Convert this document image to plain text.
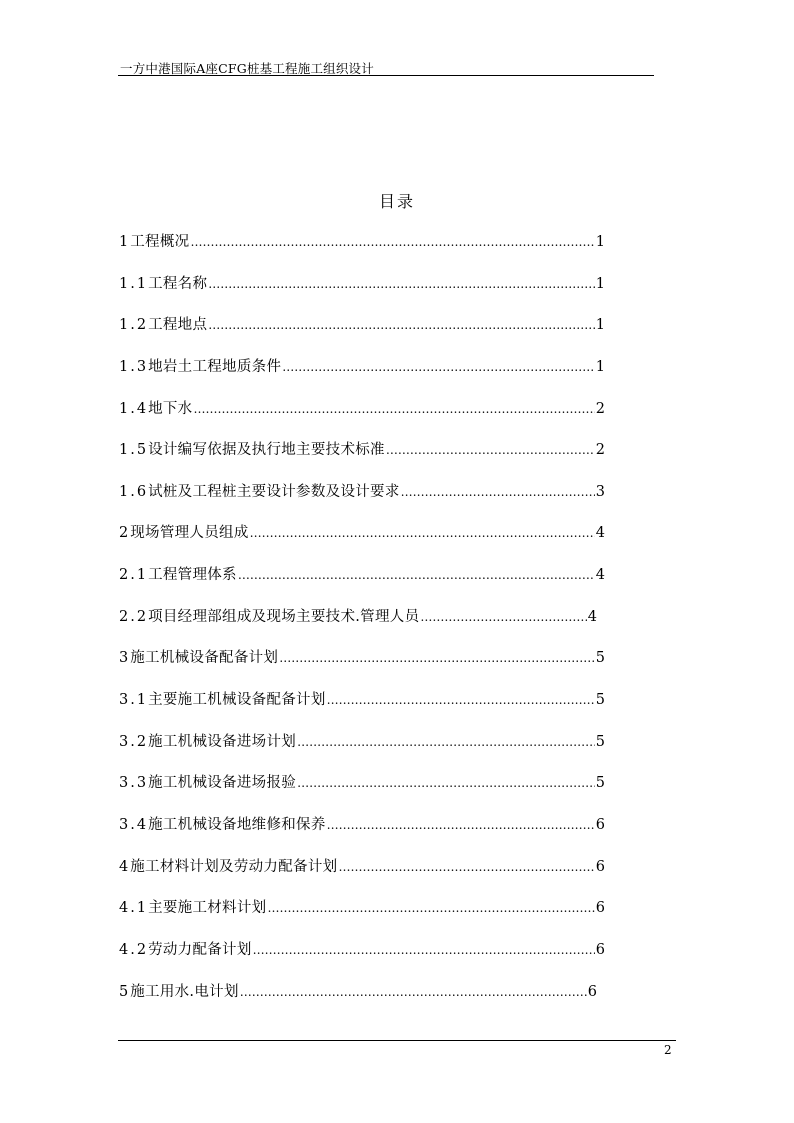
一方中港国际A座CFG桩基工程施工组织设计
目录
1 工程概况 ……………………………………………………………………………………………………………………………………	1
1.1 工程名称 ……………………………………………………………………………………………………………………………………	1
1.2 工程地点 ……………………………………………………………………………………………………………………………………	1
1.3 地岩土工程地质条件 ……………………………………………………………………………………………………………………………………	1
1.4 地下水 ……………………………………………………………………………………………………………………………………	2
1.5 设计编写依据及执行地主要技术标准 ……………………………………………………………………………………………………………………………………	2
1.6 试桩及工程桩主要设计参数及设计要求 ……………………………………………………………………………………………………………………………………	3
2 现场管理人员组成 ……………………………………………………………………………………………………………………………………	4
2.1 工程管理体系 ……………………………………………………………………………………………………………………………………	4
2.2 项目经理部组成及现场主要技术.管理人员 ……………………………………………………………………………………………………………………………………	4
3 施工机械设备配备计划 ……………………………………………………………………………………………………………………………………	5
3.1 主要施工机械设备配备计划 ……………………………………………………………………………………………………………………………………	5
3.2 施工机械设备进场计划 ……………………………………………………………………………………………………………………………………	5
3.3 施工机械设备进场报验 ……………………………………………………………………………………………………………………………………	5
3.4 施工机械设备地维修和保养 ……………………………………………………………………………………………………………………………………	6
4 施工材料计划及劳动力配备计划 ……………………………………………………………………………………………………………………………………	6
4.1 主要施工材料计划 ……………………………………………………………………………………………………………………………………	6
4.2 劳动力配备计划 ……………………………………………………………………………………………………………………………………	6
5 施工用水.电计划 ……………………………………………………………………………………………………………………………………	6
2
